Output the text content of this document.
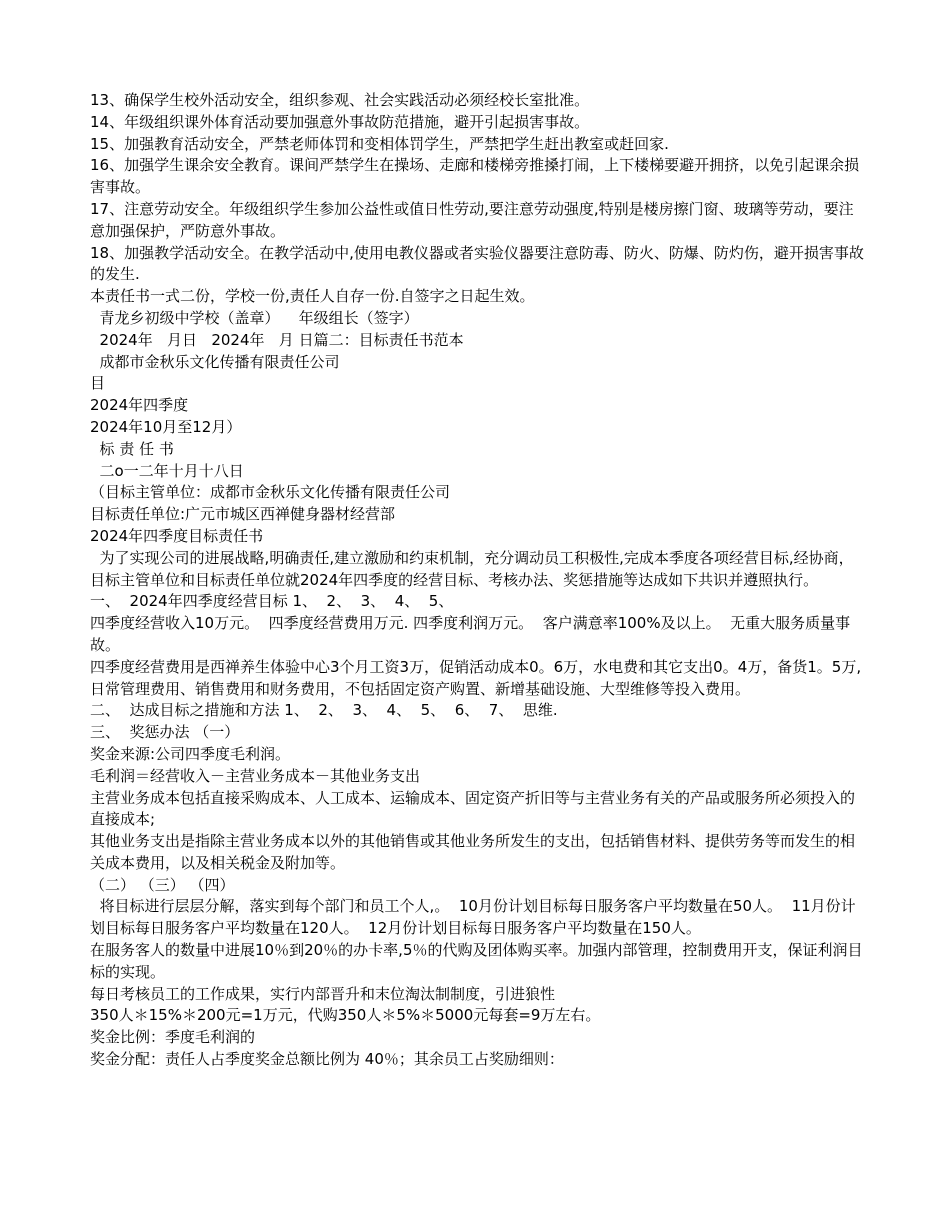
13、确保学生校外活动安全，组织参观、社会实践活动必须经校长室批准。
14、年级组织课外体育活动要加强意外事故防范措施，避开引起损害事故。
15、加强教育活动安全，严禁老师体罚和变相体罚学生，严禁把学生赶出教室或赶回家.
16、加强学生课余安全教育。课间严禁学生在操场、走廊和楼梯旁推搡打闹，上下楼梯要避开拥挤，以免引起课余损害事故。
17、注意劳动安全。年级组织学生参加公益性或值日性劳动,要注意劳动强度,特别是楼房擦门窗、玻璃等劳动，要注意加强保护，严防意外事故。
18、加强教学活动安全。在教学活动中,使用电教仪器或者实验仪器要注意防毒、防火、防爆、防灼伤，避开损害事故的发生.
本责任书一式二份，学校一份,责任人自存一份.自签字之日起生效。
青龙乡初级中学校（盖章）    年级组长（签字）
2024年   月日   2024年   月 日篇二：目标责任书范本
成都市金秋乐文化传播有限责任公司
目
2024年四季度
2024年10月至12月）
标 责 任 书
二o一二年十月十八日
（目标主管单位：成都市金秋乐文化传播有限责任公司
目标责任单位:广元市城区西禅健身器材经营部
2024年四季度目标责任书
为了实现公司的进展战略,明确责任,建立激励和约束机制，充分调动员工积极性,完成本季度各项经营目标,经协商，目标主管单位和目标责任单位就2024年四季度的经营目标、考核办法、奖惩措施等达成如下共识并遵照执行。
一、  2024年四季度经营目标 1、  2、  3、  4、  5、
四季度经营收入10万元。  四季度经营费用万元. 四季度利润万元。  客户满意率100%及以上。  无重大服务质量事故。
四季度经营费用是西禅养生体验中心3个月工资3万，促销活动成本0。6万，水电费和其它支出0。4万，备货1。5万,日常管理费用、销售费用和财务费用，不包括固定资产购置、新增基础设施、大型维修等投入费用。
二、  达成目标之措施和方法 1、  2、  3、  4、  5、  6、  7、  思维.
三、  奖惩办法 （一）
奖金来源:公司四季度毛利润。
毛利润＝经营收入－主营业务成本－其他业务支出
主营业务成本包括直接采购成本、人工成本、运输成本、固定资产折旧等与主营业务有关的产品或服务所必须投入的直接成本;
其他业务支出是指除主营业务成本以外的其他销售或其他业务所发生的支出，包括销售材料、提供劳务等而发生的相关成本费用，以及相关税金及附加等。
（二） （三） （四）
将目标进行层层分解，落实到每个部门和员工个人,。  10月份计划目标每日服务客户平均数量在50人。  11月份计划目标每日服务客户平均数量在120人。  12月份计划目标每日服务客户平均数量在150人。
在服务客人的数量中进展10％到20％的办卡率,5％的代购及团体购买率。加强内部管理，控制费用开支，保证利润目标的实现。
每日考核员工的工作成果，实行内部晋升和末位淘汰制制度，引进狼性
350人＊15%＊200元=1万元，代购350人＊5%＊5000元每套=9万左右。
奖金比例：季度毛利润的
奖金分配：责任人占季度奖金总额比例为 40％；其余员工占奖励细则：
